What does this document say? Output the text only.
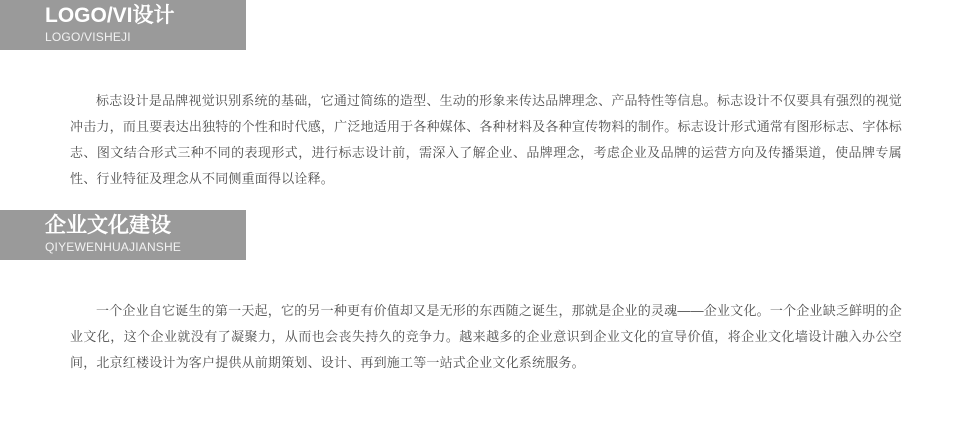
LOGO/VI设计
LOGO/VISHEJI
标志设计是品牌视觉识别系统的基础，它通过简练的造型、生动的形象来传达品牌理念、产品特性等信息。标志设计不仅要具有强烈的视觉冲击力，而且要表达出独特的个性和时代感，广泛地适用于各种媒体、各种材料及各种宣传物料的制作。标志设计形式通常有图形标志、字体标志、图文结合形式三种不同的表现形式，进行标志设计前，需深入了解企业、品牌理念，考虑企业及品牌的运营方向及传播渠道，使品牌专属性、行业特征及理念从不同侧重面得以诠释。
企业文化建设
QIYEWENHUAJIANSHE
一个企业自它诞生的第一天起，它的另一种更有价值却又是无形的东西随之诞生，那就是企业的灵魂——企业文化。一个企业缺乏鲜明的企业文化，这个企业就没有了凝聚力，从而也会丧失持久的竞争力。越来越多的企业意识到企业文化的宣导价值，将企业文化墙设计融入办公空间，北京红楼设计为客户提供从前期策划、设计、再到施工等一站式企业文化系统服务。
